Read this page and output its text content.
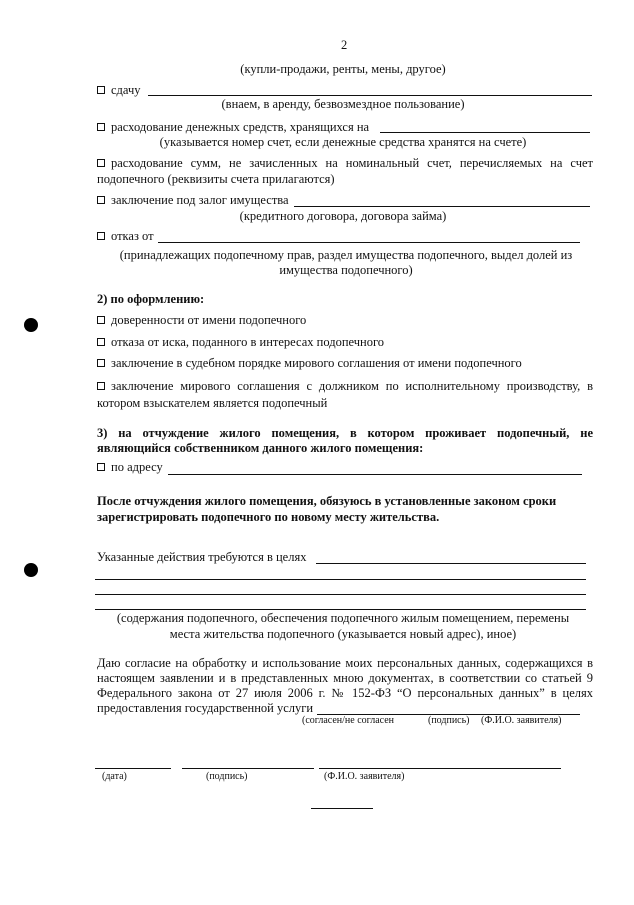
2
(купли-продажи, ренты, мены, другое)
сдачу
(внаем, в аренду, безвозмездное пользование)
расходование денежных средств, хранящихся на
(указывается номер счет, если денежные средства хранятся на счете)
расходование сумм, не зачисленных на номинальный счет, перечисляемых на счет
подопечного (реквизиты счета прилагаются)
заключение под залог имущества
(кредитного договора, договора займа)
отказ от
(принадлежащих подопечному прав, раздел имущества подопечного, выдел долей из
имущества подопечного)
2) по оформлению:
доверенности от имени подопечного
отказа от иска, поданного в интересах подопечного
заключение в судебном порядке мирового соглашения от имени подопечного
заключение мирового соглашения с должником по исполнительному производству, в
котором взыскателем является подопечный
3) на отчуждение жилого помещения, в котором проживает подопечный, не
являющийся собственником данного жилого помещения:
по адресу
После отчуждения жилого помещения, обязуюсь в установленные законом сроки
зарегистрировать подопечного по новому месту жительства.
Указанные действия требуются в целях
(содержания подопечного, обеспечения подопечного жилым помещением, перемены
места жительства подопечного (указывается новый адрес), иное)
Даю согласие на обработку и использование моих персональных данных, содержащихся в
настоящем заявлении и в представленных мною документах, в соответствии со статьей 9
Федерального закона от 27 июля 2006 г. № 152-ФЗ “О персональных данных” в целях
предоставления государственной услуги
(согласен/не согласен	(подпись) (Ф.И.О. заявителя)
(дата)	(подпись)	(Ф.И.О. заявителя)
